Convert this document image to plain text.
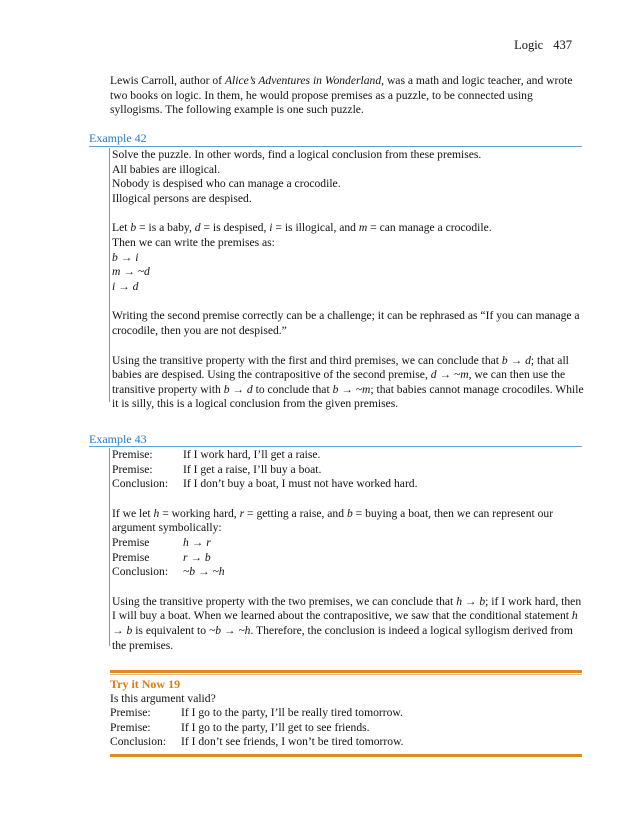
Logic 437

Lewis Carroll, author of Alice’s Adventures in Wonderland, was a math and logic teacher, and wrote two books on logic. In them, he would propose premises as a puzzle, to be connected using syllogisms. The following example is one such puzzle.

Example 42

Solve the puzzle. In other words, find a logical conclusion from these premises.

All babies are illogical.

Nobody is despised who can manage a crocodile.

Illogical persons are despised.

Let b = is a baby, d = is despised, i = is illogical, and m = can manage a crocodile.

Then we can write the premises as:

b → i

m → ~d

i → d

Writing the second premise correctly can be a challenge; it can be rephrased as “If you can manage a crocodile, then you are not despised.”

Using the transitive property with the first and third premises, we can conclude that b → d; that all babies are despised. Using the contrapositive of the second premise, d → ~m, we can then use the transitive property with b → d to conclude that b → ~m; that babies cannot manage crocodiles. While it is silly, this is a logical conclusion from the given premises.

Example 43
Premise:	If I work hard, I’ll get a raise.
Premise:	If I get a raise, I’ll buy a boat.
Conclusion:	If I don’t buy a boat, I must not have worked hard.

If we let h = working hard, r = getting a raise, and b = buying a boat, then we can represent our argument symbolically:

Premise	h → r
Premise	r → b
Conclusion:	~b → ~h

Using the transitive property with the two premises, we can conclude that h → b; if I work hard, then I will buy a boat. When we learned about the contrapositive, we saw that the conditional statement h → b is equivalent to ~b → ~h. Therefore, the conclusion is indeed a logical syllogism derived from the premises.

Try it Now 19

Is this argument valid?

Premise:	If I go to the party, I’ll be really tired tomorrow.
Premise:	If I go to the party, I’ll get to see friends.
Conclusion:	If I don’t see friends, I won’t be tired tomorrow.
